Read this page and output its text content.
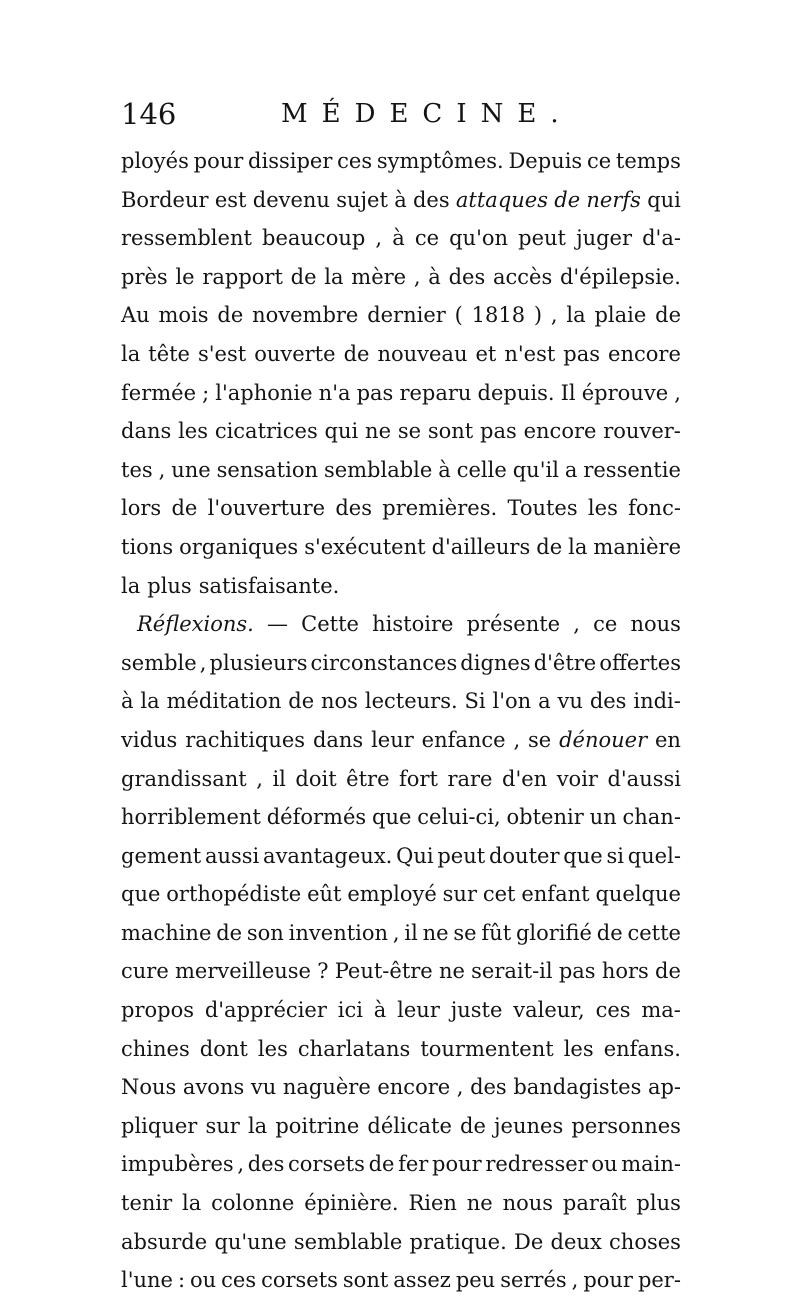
146	MÉDECINE.
ployés pour dissiper ces symptômes. Depuis ce temps
Bordeur est devenu sujet à des attaques de nerfs qui
ressemblent beaucoup , à ce qu'on peut juger d'a-
près le rapport de la mère , à des accès d'épilepsie.
Au mois de novembre dernier ( 1818 ) , la plaie de
la tête s'est ouverte de nouveau et n'est pas encore
fermée ; l'aphonie n'a pas reparu depuis. Il éprouve ,
dans les cicatrices qui ne se sont pas encore rouver-
tes , une sensation semblable à celle qu'il a ressentie
lors de l'ouverture des premières. Toutes les fonc-
tions organiques s'exécutent d'ailleurs de la manière
la plus satisfaisante.
Réflexions. — Cette histoire présente , ce nous
semble , plusieurs circonstances dignes d'être offertes
à la méditation de nos lecteurs. Si l'on a vu des indi-
vidus rachitiques dans leur enfance , se dénouer en
grandissant , il doit être fort rare d'en voir d'aussi
horriblement déformés que celui-ci, obtenir un chan-
gement aussi avantageux. Qui peut douter que si quel-
que orthopédiste eût employé sur cet enfant quelque
machine de son invention , il ne se fût glorifié de cette
cure merveilleuse ? Peut-être ne serait-il pas hors de
propos d'apprécier ici à leur juste valeur, ces ma-
chines dont les charlatans tourmentent les enfans.
Nous avons vu naguère encore , des bandagistes ap-
pliquer sur la poitrine délicate de jeunes personnes
impubères , des corsets de fer pour redresser ou main-
tenir la colonne épinière. Rien ne nous paraît plus
absurde qu'une semblable pratique. De deux choses
l'une : ou ces corsets sont assez peu serrés , pour per-
